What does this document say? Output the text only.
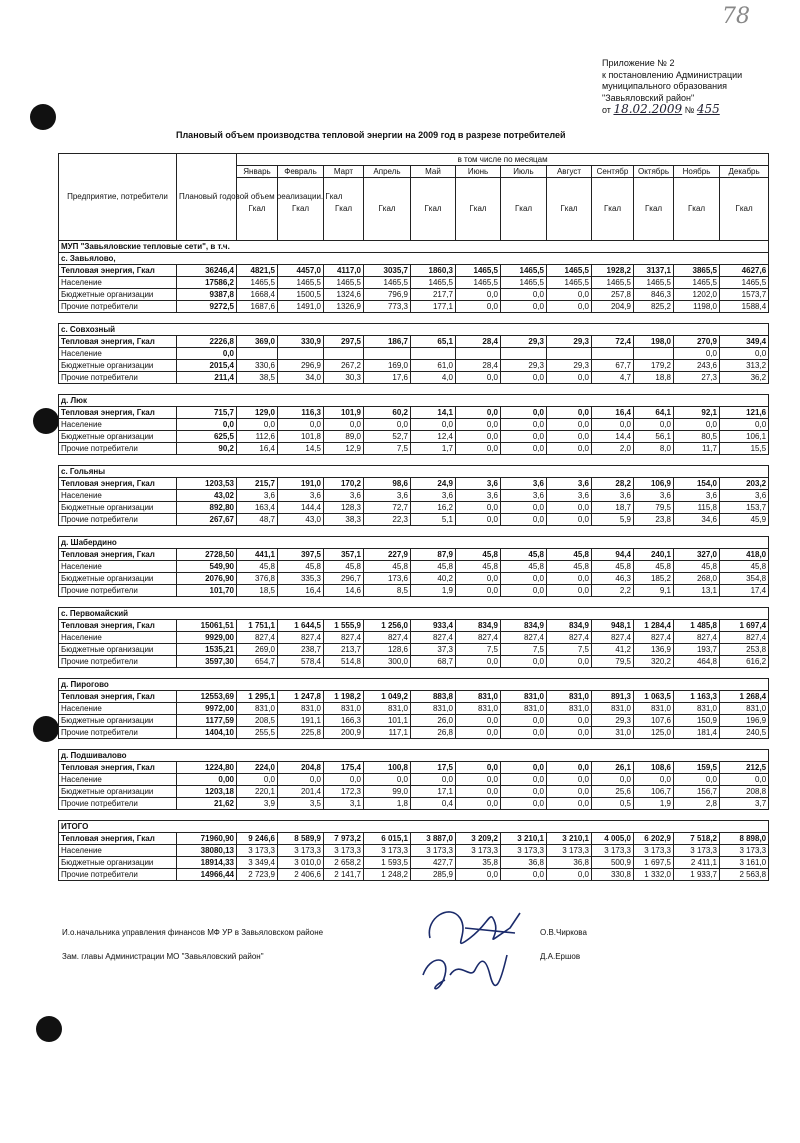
78
Приложение № 2
к постановлению Администрации
муниципального образования
"Завьяловский район"
от 18.02.2009 № 455
Плановый объем производства тепловой энергии на 2009 год в разрезе потребителей
Предприятие, потребители	Плановый годовой объем реализации. Гкал	в том числе по месяцам											
		Январь	Февраль	Март	Апрель	Май	Июнь	Июль	Август	Сентябр	Октябрь	Ноябрь	Декабрь
		Гкал	Гкал	Гкал	Гкал	Гкал	Гкал	Гкал	Гкал	Гкал	Гкал	Гкал	Гкал
МУП "Завьяловские тепловые сети", в т.ч.													
с. Завьялово,													
Тепловая энергия, Гкал	36246,4	4821,5	4457,0	4117,0	3035,7	1860,3	1465,5	1465,5	1465,5	1928,2	3137,1	3865,5	4627,6
Население	17586,2	1465,5	1465,5	1465,5	1465,5	1465,5	1465,5	1465,5	1465,5	1465,5	1465,5	1465,5	1465,5
Бюджетные организации	9387,8	1668,4	1500,5	1324,6	796,9	217,7	0,0	0,0	0,0	257,8	846,3	1202,0	1573,7
Прочие потребители	9272,5	1687,6	1491,0	1326,9	773,3	177,1	0,0	0,0	0,0	204,9	825,2	1198,0	1588,4

с. Совхозный													
Тепловая энергия, Гкал	2226,8	369,0	330,9	297,5	186,7	65,1	28,4	29,3	29,3	72,4	198,0	270,9	349,4
Население	0,0											0,0	0,0
Бюджетные организации	2015,4	330,6	296,9	267,2	169,0	61,0	28,4	29,3	29,3	67,7	179,2	243,6	313,2
Прочие потребители	211,4	38,5	34,0	30,3	17,6	4,0	0,0	0,0	0,0	4,7	18,8	27,3	36,2

д. Люк													
Тепловая энергия, Гкал	715,7	129,0	116,3	101,9	60,2	14,1	0,0	0,0	0,0	16,4	64,1	92,1	121,6
Население	0,0	0,0	0,0	0,0	0,0	0,0	0,0	0,0	0,0	0,0	0,0	0,0	0,0
Бюджетные организации	625,5	112,6	101,8	89,0	52,7	12,4	0,0	0,0	0,0	14,4	56,1	80,5	106,1
Прочие потребители	90,2	16,4	14,5	12,9	7,5	1,7	0,0	0,0	0,0	2,0	8,0	11,7	15,5

с. Гольяны													
Тепловая энергия, Гкал	1203,53	215,7	191,0	170,2	98,6	24,9	3,6	3,6	3,6	28,2	106,9	154,0	203,2
Население	43,02	3,6	3,6	3,6	3,6	3,6	3,6	3,6	3,6	3,6	3,6	3,6	3,6
Бюджетные организации	892,80	163,4	144,4	128,3	72,7	16,2	0,0	0,0	0,0	18,7	79,5	115,8	153,7
Прочие потребители	267,67	48,7	43,0	38,3	22,3	5,1	0,0	0,0	0,0	5,9	23,8	34,6	45,9

д. Шабердино													
Тепловая энергия, Гкал	2728,50	441,1	397,5	357,1	227,9	87,9	45,8	45,8	45,8	94,4	240,1	327,0	418,0
Население	549,90	45,8	45,8	45,8	45,8	45,8	45,8	45,8	45,8	45,8	45,8	45,8	45,8
Бюджетные организации	2076,90	376,8	335,3	296,7	173,6	40,2	0,0	0,0	0,0	46,3	185,2	268,0	354,8
Прочие потребители	101,70	18,5	16,4	14,6	8,5	1,9	0,0	0,0	0,0	2,2	9,1	13,1	17,4

с. Первомайский													
Тепловая энергия, Гкал	15061,51	1 751,1	1 644,5	1 555,9	1 256,0	933,4	834,9	834,9	834,9	948,1	1 284,4	1 485,8	1 697,4
Население	9929,00	827,4	827,4	827,4	827,4	827,4	827,4	827,4	827,4	827,4	827,4	827,4	827,4
Бюджетные организации	1535,21	269,0	238,7	213,7	128,6	37,3	7,5	7,5	7,5	41,2	136,9	193,7	253,8
Прочие потребители	3597,30	654,7	578,4	514,8	300,0	68,7	0,0	0,0	0,0	79,5	320,2	464,8	616,2

д. Пирогово													
Тепловая энергия, Гкал	12553,69	1 295,1	1 247,8	1 198,2	1 049,2	883,8	831,0	831,0	831,0	891,3	1 063,5	1 163,3	1 268,4
Население	9972,00	831,0	831,0	831,0	831,0	831,0	831,0	831,0	831,0	831,0	831,0	831,0	831,0
Бюджетные организации	1177,59	208,5	191,1	166,3	101,1	26,0	0,0	0,0	0,0	29,3	107,6	150,9	196,9
Прочие потребители	1404,10	255,5	225,8	200,9	117,1	26,8	0,0	0,0	0,0	31,0	125,0	181,4	240,5

д. Подшивалово													
Тепловая энергия, Гкал	1224,80	224,0	204,8	175,4	100,8	17,5	0,0	0,0	0,0	26,1	108,6	159,5	212,5
Население	0,00	0,0	0,0	0,0	0,0	0,0	0,0	0,0	0,0	0,0	0,0	0,0	0,0
Бюджетные организации	1203,18	220,1	201,4	172,3	99,0	17,1	0,0	0,0	0,0	25,6	106,7	156,7	208,8
Прочие потребители	21,62	3,9	3,5	3,1	1,8	0,4	0,0	0,0	0,0	0,5	1,9	2,8	3,7

ИТОГО													
Тепловая энергия, Гкал	71960,90	9 246,6	8 589,9	7 973,2	6 015,1	3 887,0	3 209,2	3 210,1	3 210,1	4 005,0	6 202,9	7 518,2	8 898,0
Население	38080,13	3 173,3	3 173,3	3 173,3	3 173,3	3 173,3	3 173,3	3 173,3	3 173,3	3 173,3	3 173,3	3 173,3	3 173,3
Бюджетные организации	18914,33	3 349,4	3 010,0	2 658,2	1 593,5	427,7	35,8	36,8	36,8	500,9	1 697,5	2 411,1	3 161,0
Прочие потребители	14966,44	2 723,9	2 406,6	2 141,7	1 248,2	285,9	0,0	0,0	0,0	330,8	1 332,0	1 933,7	2 563,8
И.о.начальника управления финансов МФ УР в Завьяловском районе	О.В.Чиркова
Зам. главы Администрации МО "Завьяловский район"	Д.А.Ершов
